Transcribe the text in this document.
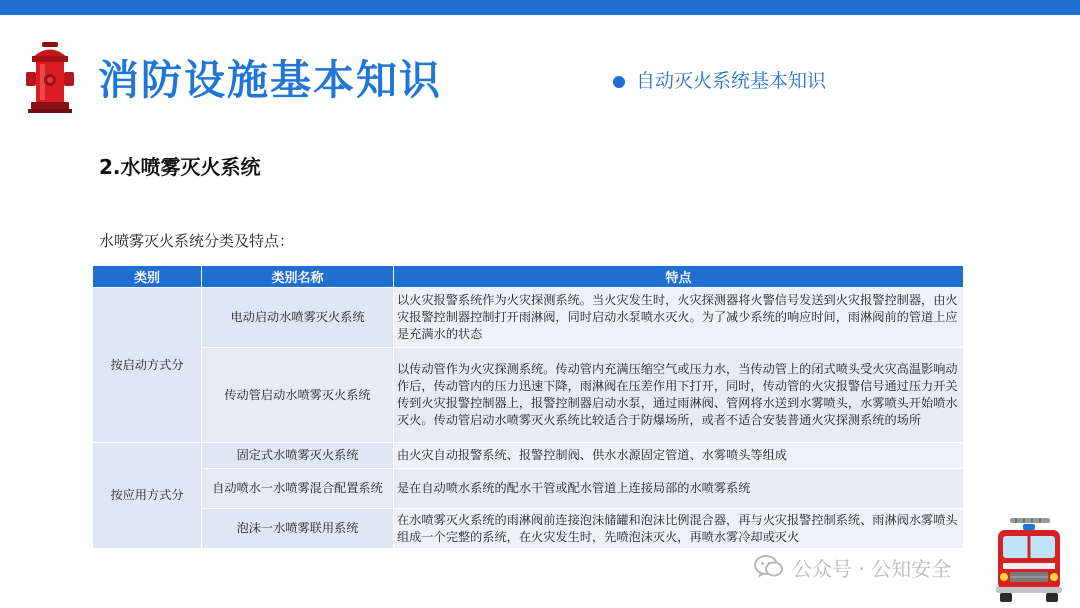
消防设施基本知识	自动灭火系统基本知识
2.水喷雾灭火系统
水喷雾灭火系统分类及特点：
类别	类别名称	特点
按启动方式分	电动启动水喷雾灭火系统	以火灾报警系统作为火灾探测系统。当火灾发生时，火灾探测器将火警信号发送到火灾报警控制器，由火灾报警控制器控制打开雨淋阀，同时启动水泵喷水灭火。为了减少系统的响应时间，雨淋阀前的管道上应是充满水的状态
	传动管启动水喷雾灭火系统	以传动管作为火灾探测系统。传动管内充满压缩空气或压力水，当传动管上的闭式喷头受火灾高温影响动作后，传动管内的压力迅速下降，雨淋阀在压差作用下打开，同时，传动管的火灾报警信号通过压力开关传到火灾报警控制器上，报警控制器启动水泵，通过雨淋阀、管网将水送到水雾喷头，水雾喷头开始喷水灭火。传动管启动水喷雾灭火系统比较适合于防爆场所，或者不适合安装普通火灾探测系统的场所
按应用方式分	固定式水喷雾灭火系统	由火灾自动报警系统、报警控制阀、供水水源固定管道、水雾喷头等组成
	自动喷水一水喷雾混合配置系统	是在自动喷水系统的配水干管或配水管道上连接局部的水喷雾系统
	泡沫一水喷雾联用系统	在水喷雾灭火系统的雨淋阀前连接泡沫储罐和泡沫比例混合器，再与火灾报警控制系统、雨淋阀水雾喷头组成一个完整的系统，在火灾发生时，先喷泡沫灭火，再喷水雾冷却或灭火
公众号 · 公知安全
